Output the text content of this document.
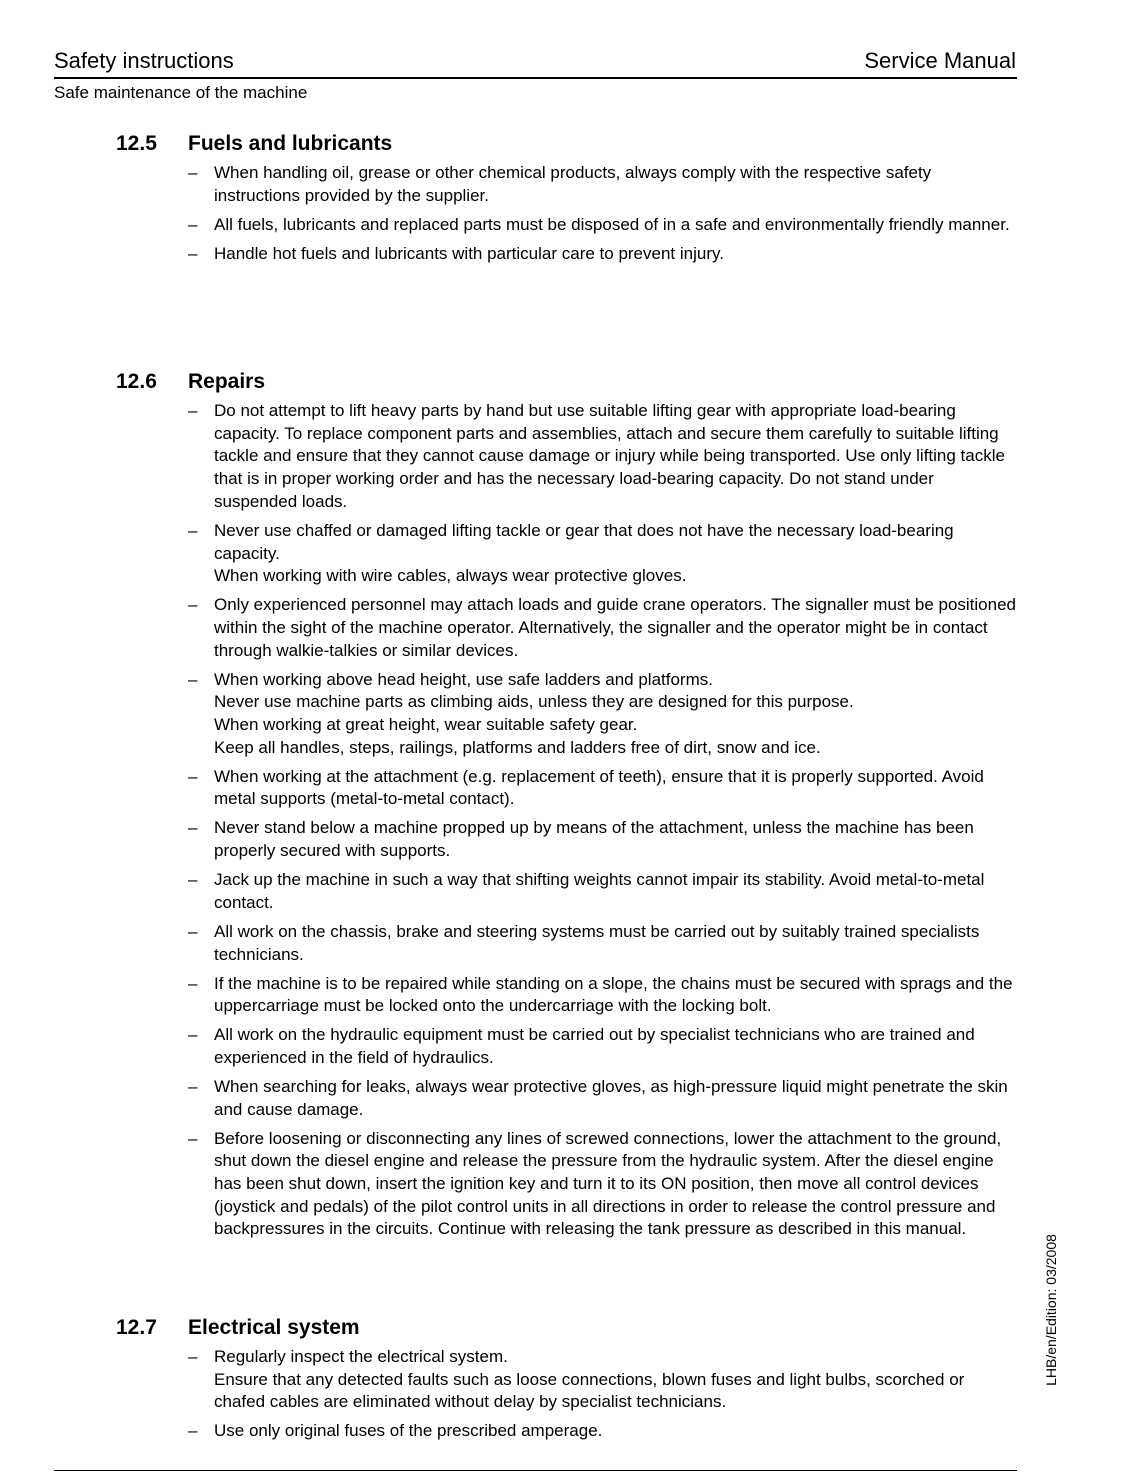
Safety instructions	Service Manual
Safe maintenance of the machine
12.5 Fuels and lubricants
– When handling oil, grease or other chemical products, always comply with the respective safety instructions provided by the supplier.
– All fuels, lubricants and replaced parts must be disposed of in a safe and environmentally friendly manner.
– Handle hot fuels and lubricants with particular care to prevent injury.
12.6 Repairs
– Do not attempt to lift heavy parts by hand but use suitable lifting gear with appropriate load-bearing capacity. To replace component parts and assemblies, attach and secure them carefully to suitable lifting tackle and ensure that they cannot cause damage or injury while being transported. Use only lifting tackle that is in proper working order and has the necessary load-bearing capacity. Do not stand under suspended loads.
– Never use chaffed or damaged lifting tackle or gear that does not have the necessary load-bearing capacity.
When working with wire cables, always wear protective gloves.
– Only experienced personnel may attach loads and guide crane operators. The signaller must be positioned within the sight of the machine operator. Alternatively, the signaller and the operator might be in contact through walkie-talkies or similar devices.
– When working above head height, use safe ladders and platforms.
Never use machine parts as climbing aids, unless they are designed for this purpose.
When working at great height, wear suitable safety gear.
Keep all handles, steps, railings, platforms and ladders free of dirt, snow and ice.
– When working at the attachment (e.g. replacement of teeth), ensure that it is properly supported. Avoid metal supports (metal-to-metal contact).
– Never stand below a machine propped up by means of the attachment, unless the machine has been properly secured with supports.
– Jack up the machine in such a way that shifting weights cannot impair its stability. Avoid metal-to-metal contact.
– All work on the chassis, brake and steering systems must be carried out by suitably trained specialists technicians.
– If the machine is to be repaired while standing on a slope, the chains must be secured with sprags and the uppercarriage must be locked onto the undercarriage with the locking bolt.
– All work on the hydraulic equipment must be carried out by specialist technicians who are trained and experienced in the field of hydraulics.
– When searching for leaks, always wear protective gloves, as high-pressure liquid might penetrate the skin and cause damage.
– Before loosening or disconnecting any lines of screwed connections, lower the attachment to the ground, shut down the diesel engine and release the pressure from the hydraulic system. After the diesel engine has been shut down, insert the ignition key and turn it to its ON position, then move all control devices (joystick and pedals) of the pilot control units in all directions in order to release the control pressure and backpressures in the circuits. Continue with releasing the tank pressure as described in this manual.
12.7 Electrical system
– Regularly inspect the electrical system.
Ensure that any detected faults such as loose connections, blown fuses and light bulbs, scorched or chafed cables are eliminated without delay by specialist technicians.
– Use only original fuses of the prescribed amperage.
LHB/en/Edition: 03/2008
